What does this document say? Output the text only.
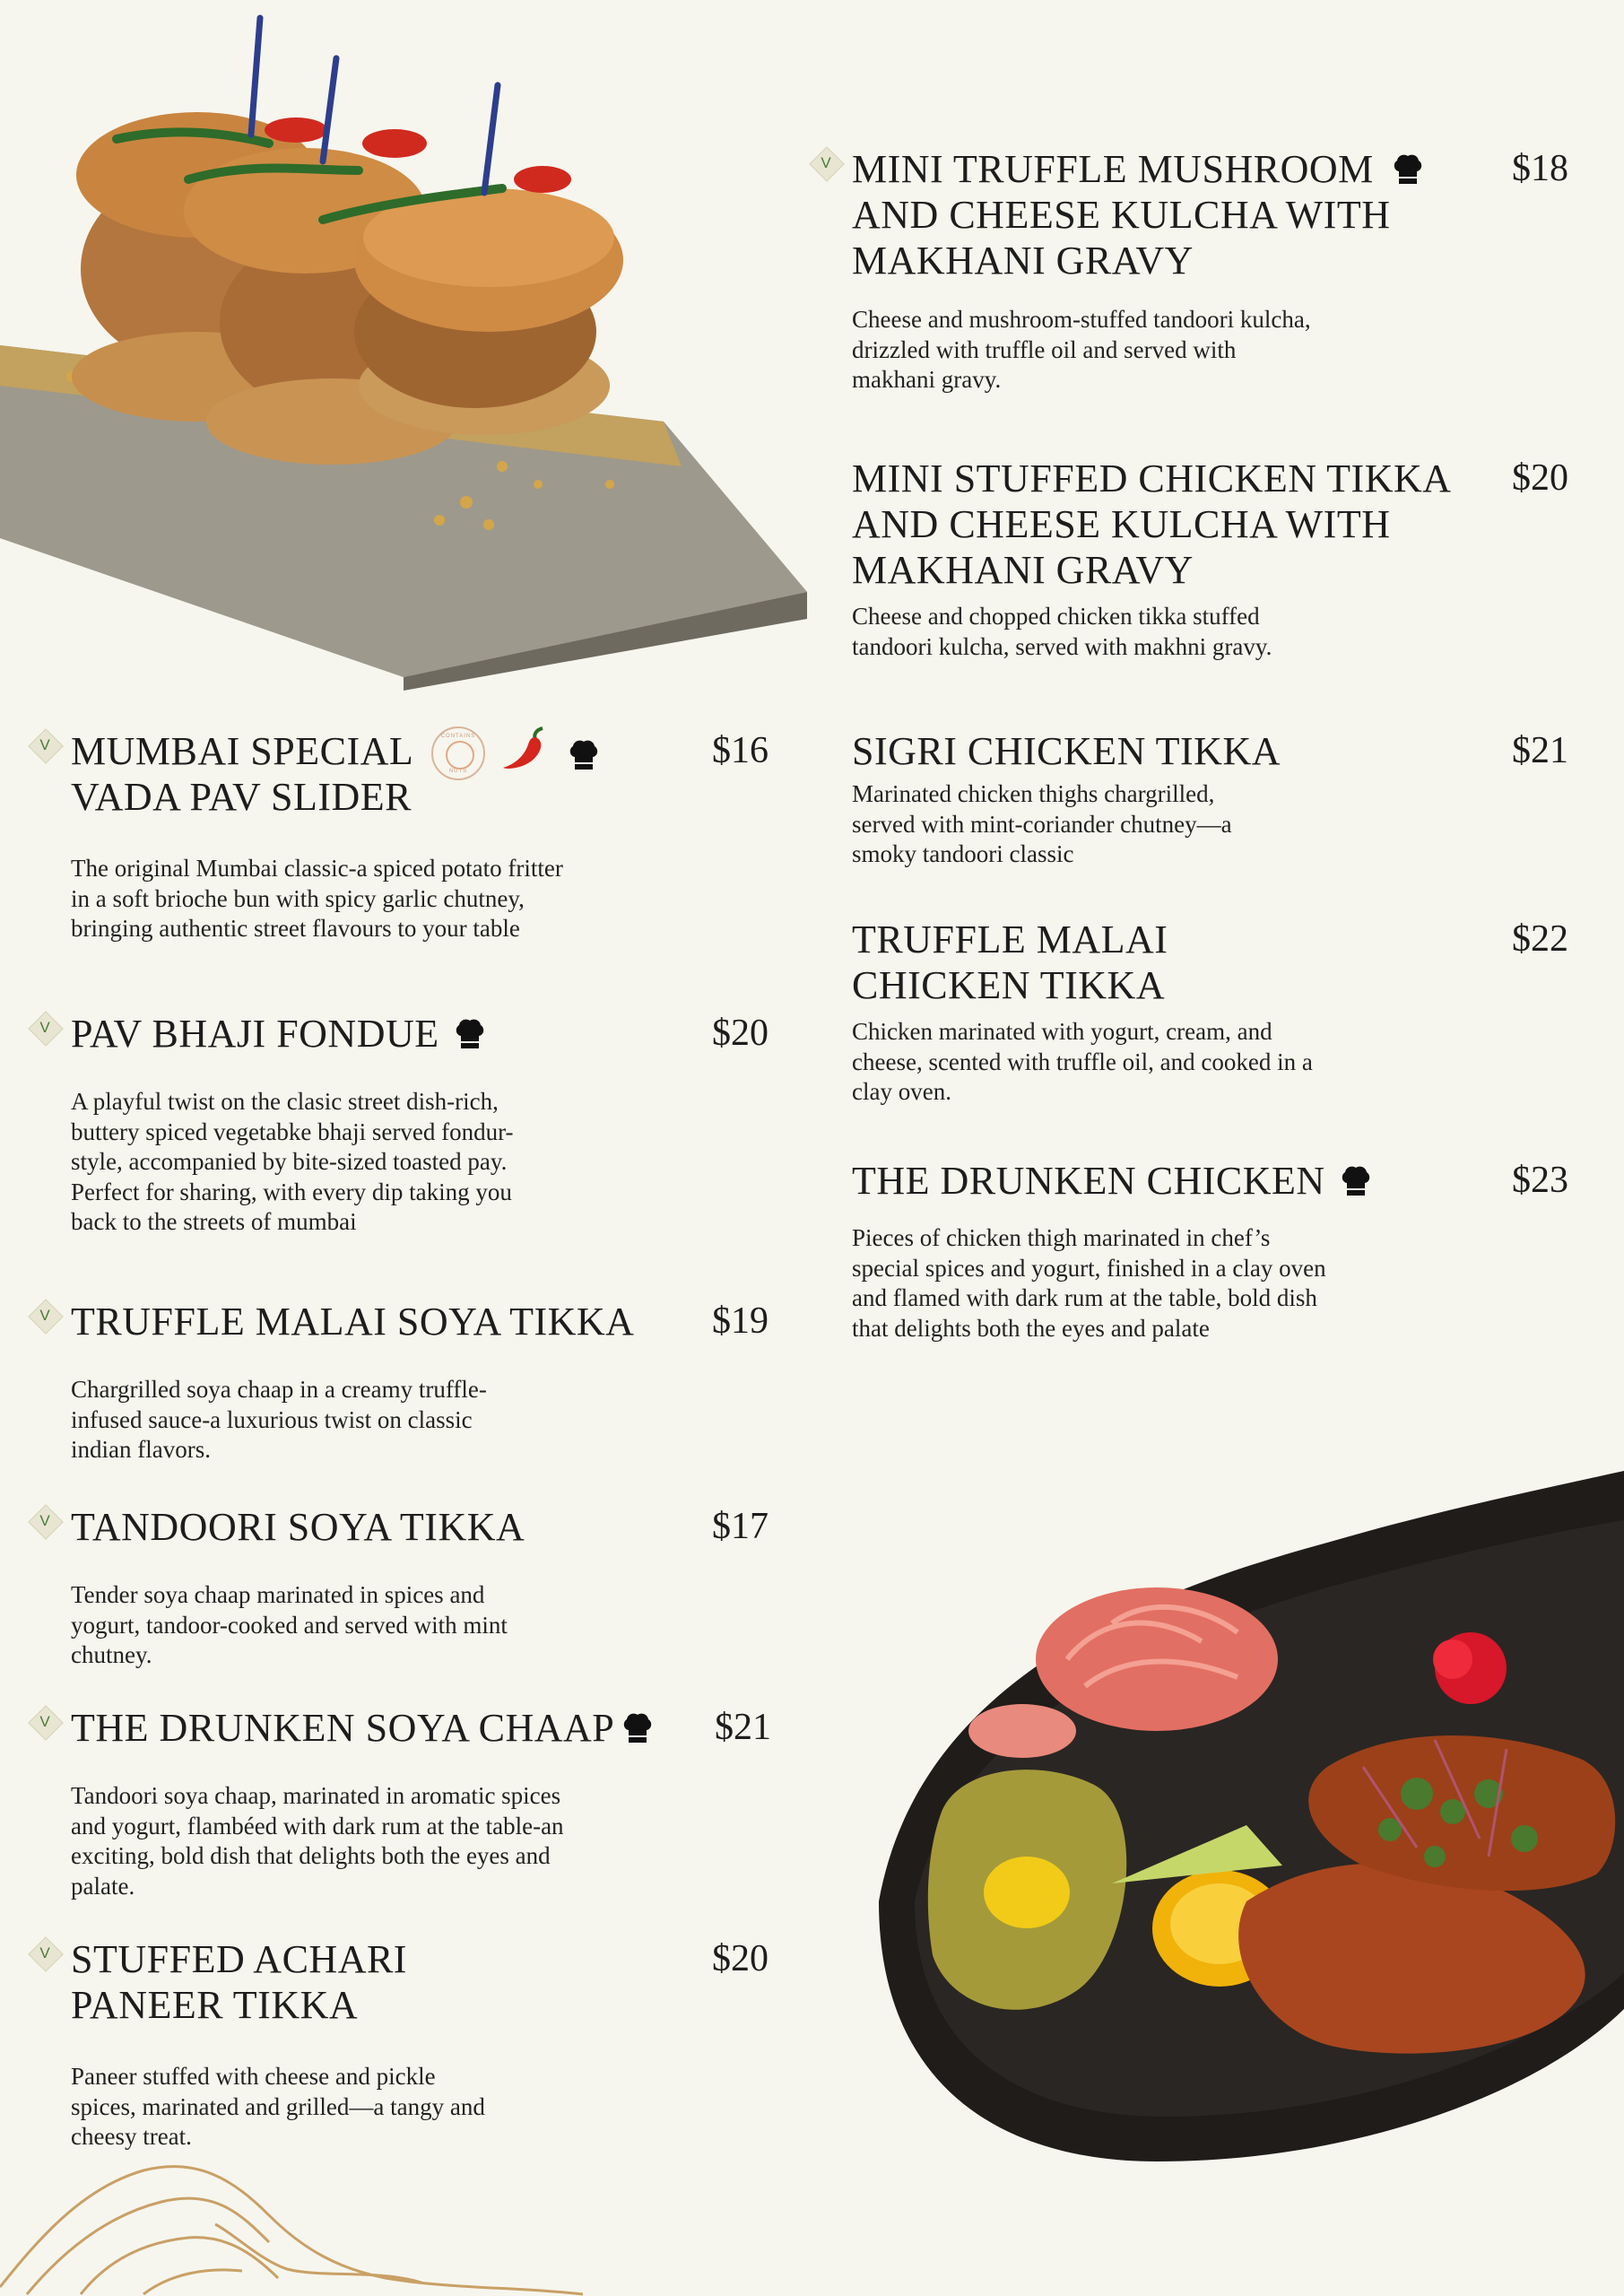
V MUMBAI SPECIAL VADA PAV SLIDER
CONTAINS
NUTS
	$16

The original Mumbai classic-a spiced potato fritter in a soft brioche bun with spicy garlic chutney, bringing authentic street flavours to your table

V PAV BHAJI FONDUE	$20

A playful twist on the clasic street dish-rich, buttery spiced vegetabke bhaji served fondur-style, accompanied by bite-sized toasted pay. Perfect for sharing, with every dip taking you back to the streets of mumbai

V TRUFFLE MALAI SOYA TIKKA $19

Chargrilled soya chaap in a creamy truffle-infused sauce-a luxurious twist on classic indian flavors.

V TANDOORI SOYA TIKKA	$17

Tender soya chaap marinated in spices and yogurt, tandoor-cooked and served with mint chutney.

V THE DRUNKEN SOYA CHAAP	$21

Tandoori soya chaap, marinated in aromatic spices and yogurt, flambéed with dark rum at the table-an exciting, bold dish that delights both the eyes and palate.

V STUFFED ACHARI PANEER TIKKA
$20

Paneer stuffed with cheese and pickle spices, marinated and grilled—a tangy and cheesy treat.

V MINI TRUFFLE MUSHROOM AND CHEESE KULCHA WITH MAKHANI GRAVY
$18

Cheese and mushroom-stuffed tandoori kulcha, drizzled with truffle oil and served with makhani gravy.

MINI STUFFED CHICKEN TIKKA AND CHEESE KULCHA WITH MAKHANI GRAVY
$20

Cheese and chopped chicken tikka stuffed tandoori kulcha, served with makhni gravy.

SIGRI CHICKEN TIKKA	$21

Marinated chicken thighs chargrilled, served with mint-coriander chutney—a smoky tandoori classic

TRUFFLE MALAI CHICKEN TIKKA
$22

Chicken marinated with yogurt, cream, and cheese, scented with truffle oil, and cooked in a clay oven.

THE DRUNKEN CHICKEN	$23

Pieces of chicken thigh marinated in chef’s special spices and yogurt, finished in a clay oven and flamed with dark rum at the table, bold dish that delights both the eyes and palate
